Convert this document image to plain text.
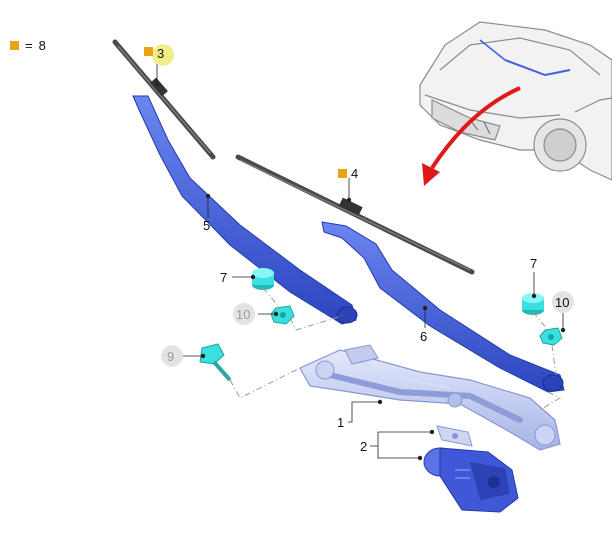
= 8
3
4
5
6
7
7
10
10
9
1
2
